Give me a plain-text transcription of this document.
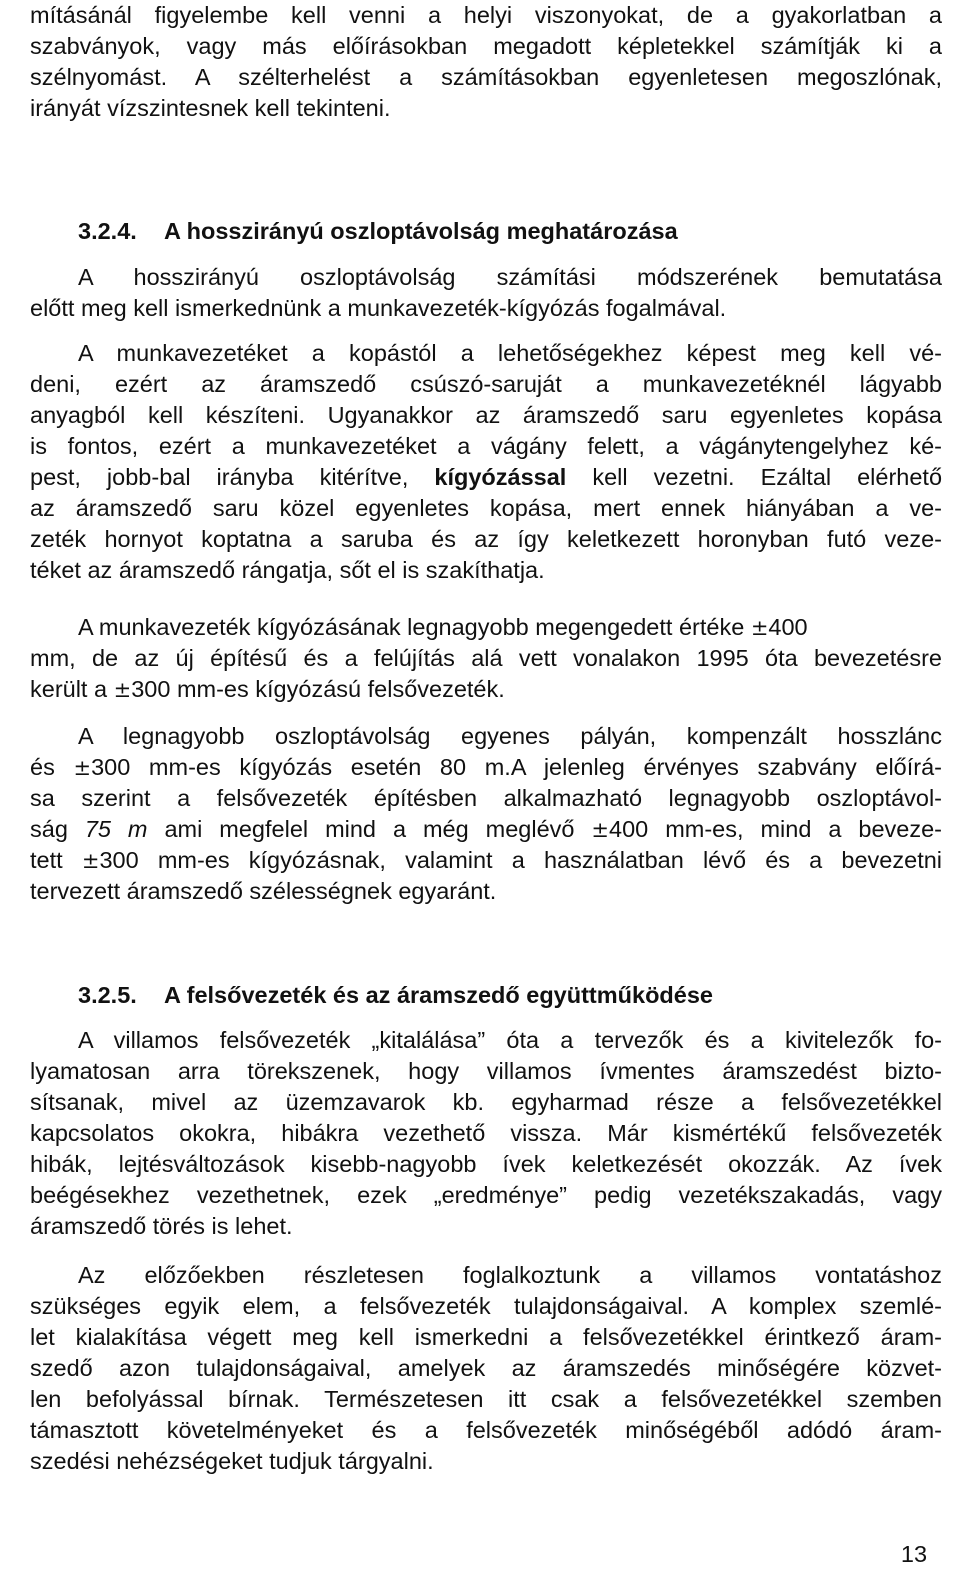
mításánál figyelembe kell venni a helyi viszonyokat, de a gyakorlatban a
szabványok, vagy más előírásokban megadott képletekkel számítják ki a
szélnyomást. A szélterhelést a számításokban egyenletesen megoszlónak,
irányát vízszintesnek kell tekinteni.
3.2.4. A hosszirányú oszloptávolság meghatározása
A hosszirányú oszloptávolság számítási módszerének bemutatása
előtt meg kell ismerkednünk a munkavezeték-kígyózás fogalmával.
A munkavezetéket a kopástól a lehetőségekhez képest meg kell vé-
deni, ezért az áramszedő csúszó-saruját a munkavezetéknél lágyabb
anyagból kell készíteni. Ugyanakkor az áramszedő saru egyenletes kopása
is fontos, ezért a munkavezetéket a vágány felett, a vágánytengelyhez ké-
pest, jobb-bal irányba kitérítve, kígyózással kell vezetni. Ezáltal elérhető
az áramszedő saru közel egyenletes kopása, mert ennek hiányában a ve-
zeték hornyot koptatna a saruba és az így keletkezett horonyban futó veze-
téket az áramszedő rángatja, sőt el is szakíthatja.
A munkavezeték kígyózásának legnagyobb megengedett értéke ±400
mm, de az új építésű és a felújítás alá vett vonalakon 1995 óta bevezetésre
került a ±300 mm-es kígyózású felsővezeték.
A legnagyobb oszloptávolság egyenes pályán, kompenzált hosszlánc
és ±300 mm-es kígyózás esetén 80 m.A jelenleg érvényes szabvány előírá-
sa szerint a felsővezeték építésben alkalmazható legnagyobb oszloptávol-
ság 75 m ami megfelel mind a még meglévő ±400 mm-es, mind a beveze-
tett ±300 mm-es kígyózásnak, valamint a használatban lévő és a bevezetni
tervezett áramszedő szélességnek egyaránt.
3.2.5. A felsővezeték és az áramszedő együttműködése
A villamos felsővezeték „kitalálása” óta a tervezők és a kivitelezők fo-
lyamatosan arra törekszenek, hogy villamos ívmentes áramszedést bizto-
sítsanak, mivel az üzemzavarok kb. egyharmad része a felsővezetékkel
kapcsolatos okokra, hibákra vezethető vissza. Már kismértékű felsővezeték
hibák, lejtésváltozások kisebb-nagyobb ívek keletkezését okozzák. Az ívek
beégésekhez vezethetnek, ezek „eredménye” pedig vezetékszakadás, vagy
áramszedő törés is lehet.
Az előzőekben részletesen foglalkoztunk a villamos vontatáshoz
szükséges egyik elem, a felsővezeték tulajdonságaival. A komplex szemlé-
let kialakítása végett meg kell ismerkedni a felsővezetékkel érintkező áram-
szedő azon tulajdonságaival, amelyek az áramszedés minőségére közvet-
len befolyással bírnak. Természetesen itt csak a felsővezetékkel szemben
támasztott követelményeket és a felsővezeték minőségéből adódó áram-
szedési nehézségeket tudjuk tárgyalni.
13
